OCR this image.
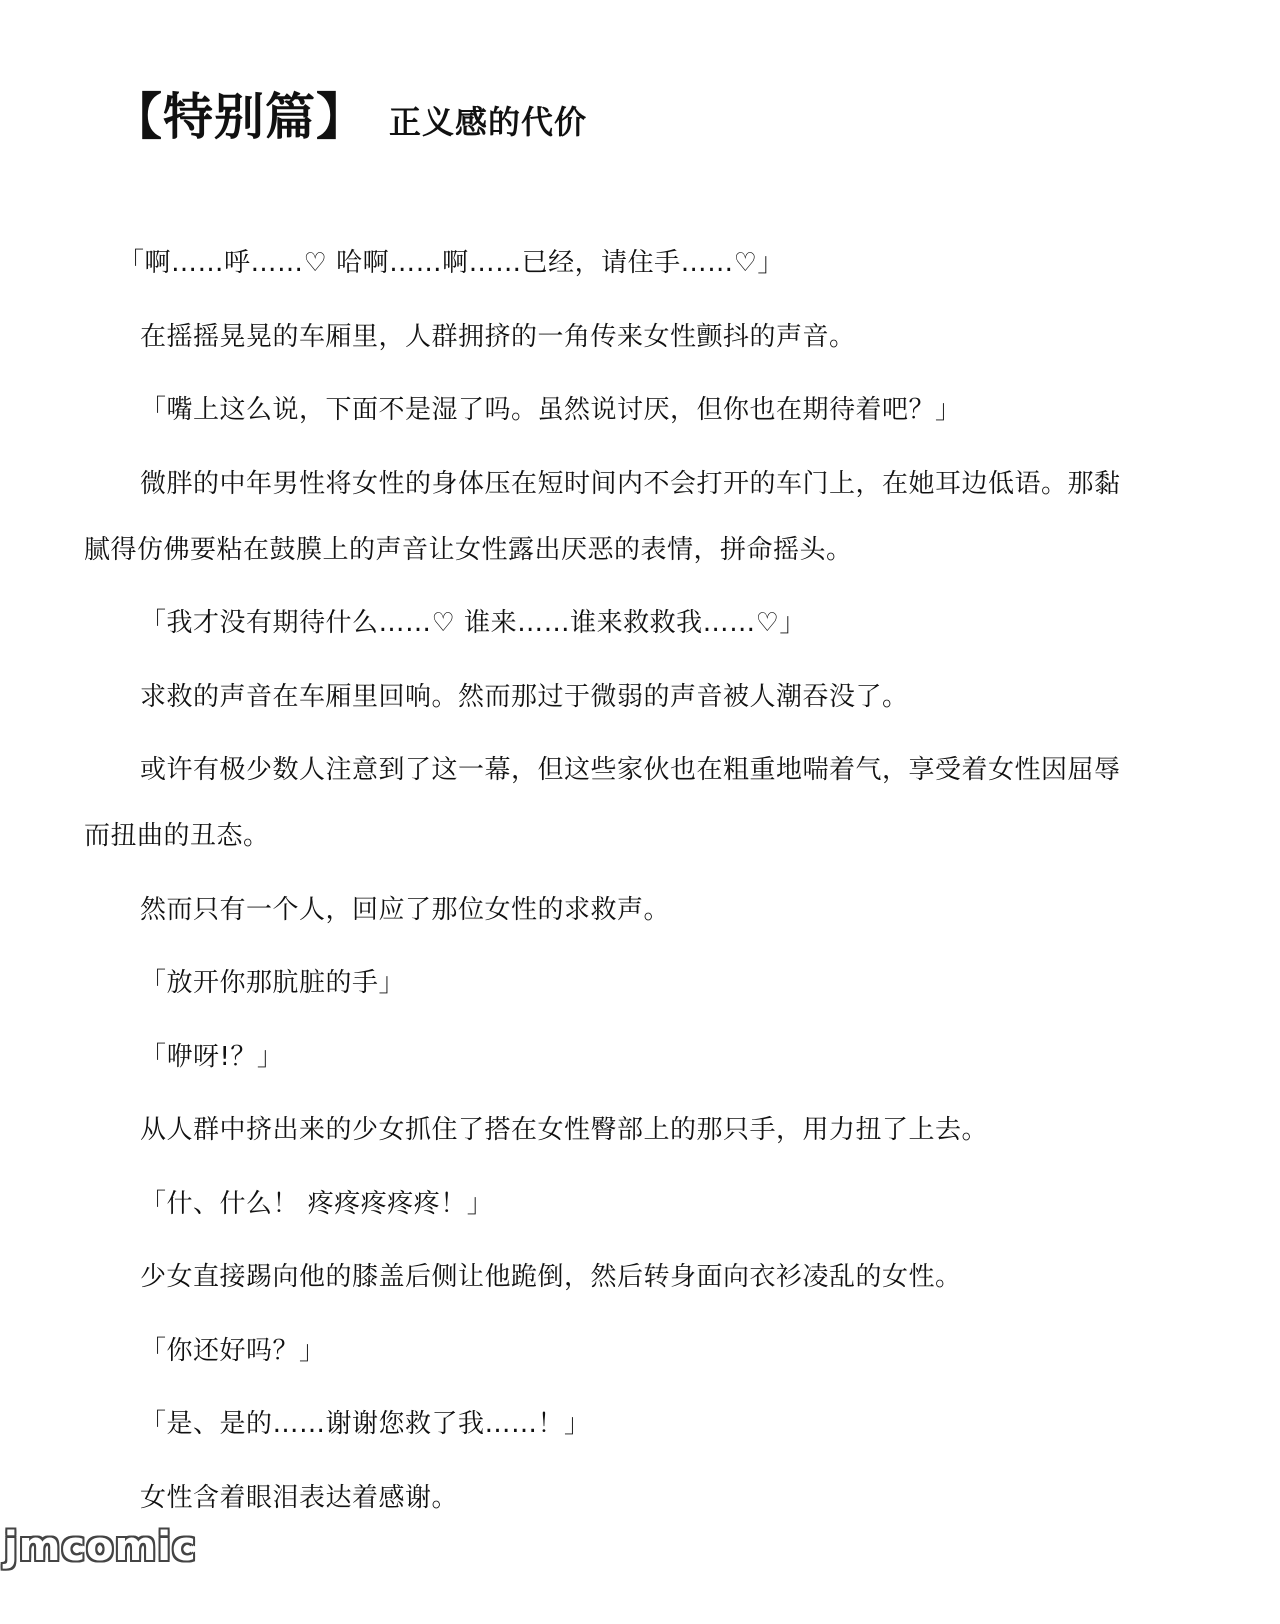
【特别篇】 正义感的代价
「啊……呼……♡ 哈啊……啊……已经，请住手……♡」
在摇摇晃晃的车厢里，人群拥挤的一角传来女性颤抖的声音。
「嘴上这么说，下面不是湿了吗。虽然说讨厌，但你也在期待着吧？」
微胖的中年男性将女性的身体压在短时间内不会打开的车门上，在她耳边低语。那黏
腻得仿佛要粘在鼓膜上的声音让女性露出厌恶的表情，拼命摇头。
「我才没有期待什么……♡ 谁来……谁来救救我……♡」
求救的声音在车厢里回响。然而那过于微弱的声音被人潮吞没了。
或许有极少数人注意到了这一幕，但这些家伙也在粗重地喘着气，享受着女性因屈辱
而扭曲的丑态。
然而只有一个人，回应了那位女性的求救声。
「放开你那肮脏的手」
「咿呀!？」
从人群中挤出来的少女抓住了搭在女性臀部上的那只手，用力扭了上去。
「什、什么！ 疼疼疼疼疼！」
少女直接踢向他的膝盖后侧让他跪倒，然后转身面向衣衫凌乱的女性。
「你还好吗？」
「是、是的……谢谢您救了我……！」
女性含着眼泪表达着感谢。
jmcomic
